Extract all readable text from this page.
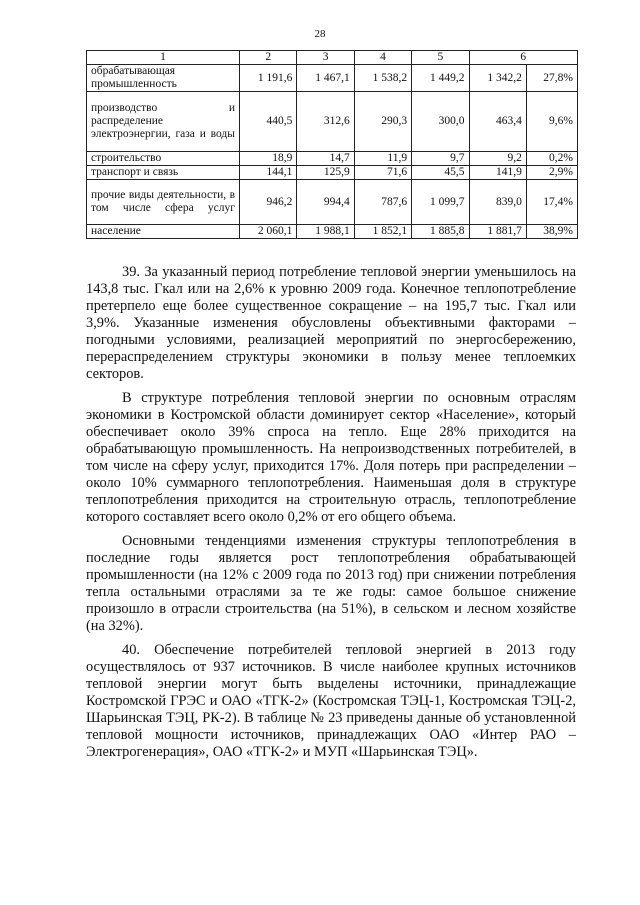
28
1	2	3	4	5	6	
обрабатывающая промышленность	1 191,6	1 467,1	1 538,2	1 449,2	1 342,2	27,8%
производство и распределение электроэнергии, газа и воды	440,5	312,6	290,3	300,0	463,4	9,6%
строительство	18,9	14,7	11,9	9,7	9,2	0,2%
транспорт и связь	144,1	125,9	71,6	45,5	141,9	2,9%
прочие виды деятельности, в том числе сфера услуг	946,2	994,4	787,6	1 099,7	839,0	17,4%
население	2 060,1	1 988,1	1 852,1	1 885,8	1 881,7	38,9%

39. За указанный период потребление тепловой энергии уменьшилось на 143,8 тыс. Гкал или на 2,6% к уровню 2009 года. Конечное теплопотребление претерпело еще более существенное сокращение – на 195,7 тыс. Гкал или 3,9%. Указанные изменения обусловлены объективными факторами – погодными условиями, реализацией мероприятий по энергосбережению, перераспределением структуры экономики в пользу менее теплоемких секторов.

В структуре потребления тепловой энергии по основным отраслям экономики в Костромской области доминирует сектор «Население», который обеспечивает около 39% спроса на тепло. Еще 28% приходится на обрабатывающую промышленность. На непроизводственных потребителей, в том числе на сферу услуг, приходится 17%. Доля потерь при распределении – около 10% суммарного теплопотребления. Наименьшая доля в структуре теплопотребления приходится на строительную отрасль, теплопотребление которого составляет всего около 0,2% от его общего объема.

Основными тенденциями изменения структуры теплопотребления в последние годы является рост теплопотребления обрабатывающей промышленности (на 12% с 2009 года по 2013 год) при снижении потребления тепла остальными отраслями за те же годы: самое большое снижение произошло в отрасли строительства (на 51%), в сельском и лесном хозяйстве (на 32%).

40. Обеспечение потребителей тепловой энергией в 2013 году осуществлялось от 937 источников. В числе наиболее крупных источников тепловой энергии могут быть выделены источники, принадлежащие Костромской ГРЭС и ОАО «ТГК-2» (Костромская ТЭЦ-1, Костромская ТЭЦ-2, Шарьинская ТЭЦ, РК-2). В таблице № 23 приведены данные об установленной тепловой мощности источников, принадлежащих ОАО «Интер РАО – Электрогенерация», ОАО «ТГК-2» и МУП «Шарьинская ТЭЦ».
